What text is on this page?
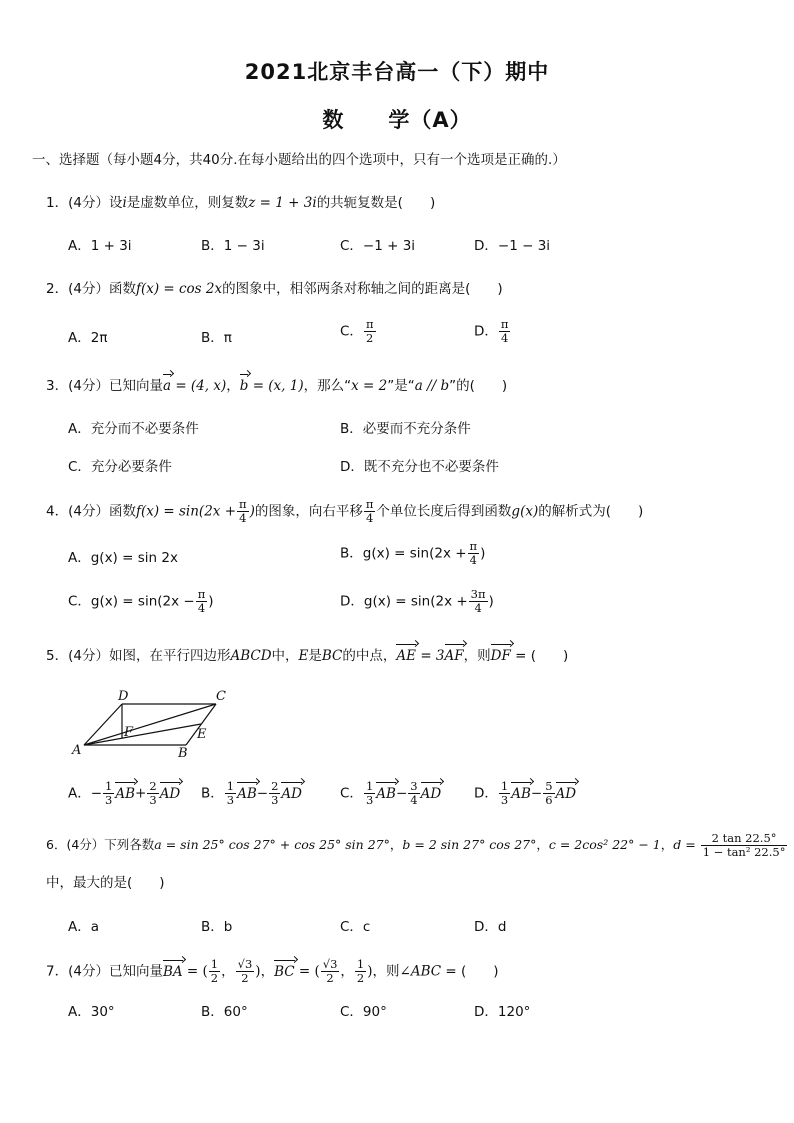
2021北京丰台高一（下）期中
数　　学（A）
一、选择题（每小题4分，共40分.在每小题给出的四个选项中，只有一个选项是正确的.）
1．(4分）设i是虚数单位，则复数z = 1 + 3i的共轭复数是(　　)
A．1 + 3i	B．1 − 3i	C．−1 + 3i	D．−1 − 3i
2．(4分）函数f(x) = cos 2x的图象中，相邻两条对称轴之间的距离是(　　)
A．2π	B．π	C． $\frac{\pi}{2}$	D． $\frac{\pi}{4}$
3．(4分）已知向量a = (4, x)，b = (x, 1)，那么“x = 2”是“a // b”的(　　)
A．充分而不必要条件	B．必要而不充分条件
C．充分必要条件	D．既不充分也不必要条件
4．(4分）函数$f(x) = \sin(2x + \frac{\pi}{4}$ )的图象，向右平移 $\frac{\pi}{4}$ 个单位长度后得到函数g(x)的解析式为(　　)
A．g(x) = sin 2x	B．$g(x) = \sin(2x + \frac{\pi}{4}$ )
C．$g(x) = \sin(2x - \frac{\pi}{4}$ )	D．$g(x) = \sin(2x + \frac{3\pi}{4}$ )
5．(4分）如图，在平行四边形ABCD中，E是BC的中点，AE = 3AF，则DF = (　　)
A	B
C
D
E
F
A．− $\frac{1}{3} AB+ \frac{2}{3}$ AD B． $\frac{1}{3} AB- \frac{2}{3}$ AD	C． $\frac{1}{3} AB- \frac{3}{4}$ AD D． $\frac{1}{3} AB- \frac{5}{6}$ AD
6．(4分）下列各数a = sin 25° cos 27° + cos 25° sin 27°，b = 2 sin 27° cos 27°，c = 2cos² 22° − 1，$d = \frac{2 \tan 22.5^\circ}{\text{1 − tan² 22.5°}}$
中，最大的是(　　)
A．a	B．b	C．c	D．d
7．(4分）已知向量BA = ( $\frac{1}{2}$ ， $\frac{√3}{2}$ )，BC = ( $\frac{√3}{2}$ ， $\frac{1}{2}$ )，则∠ABC = (　　)
A．30°	B．60°	C．90°	D．120°
